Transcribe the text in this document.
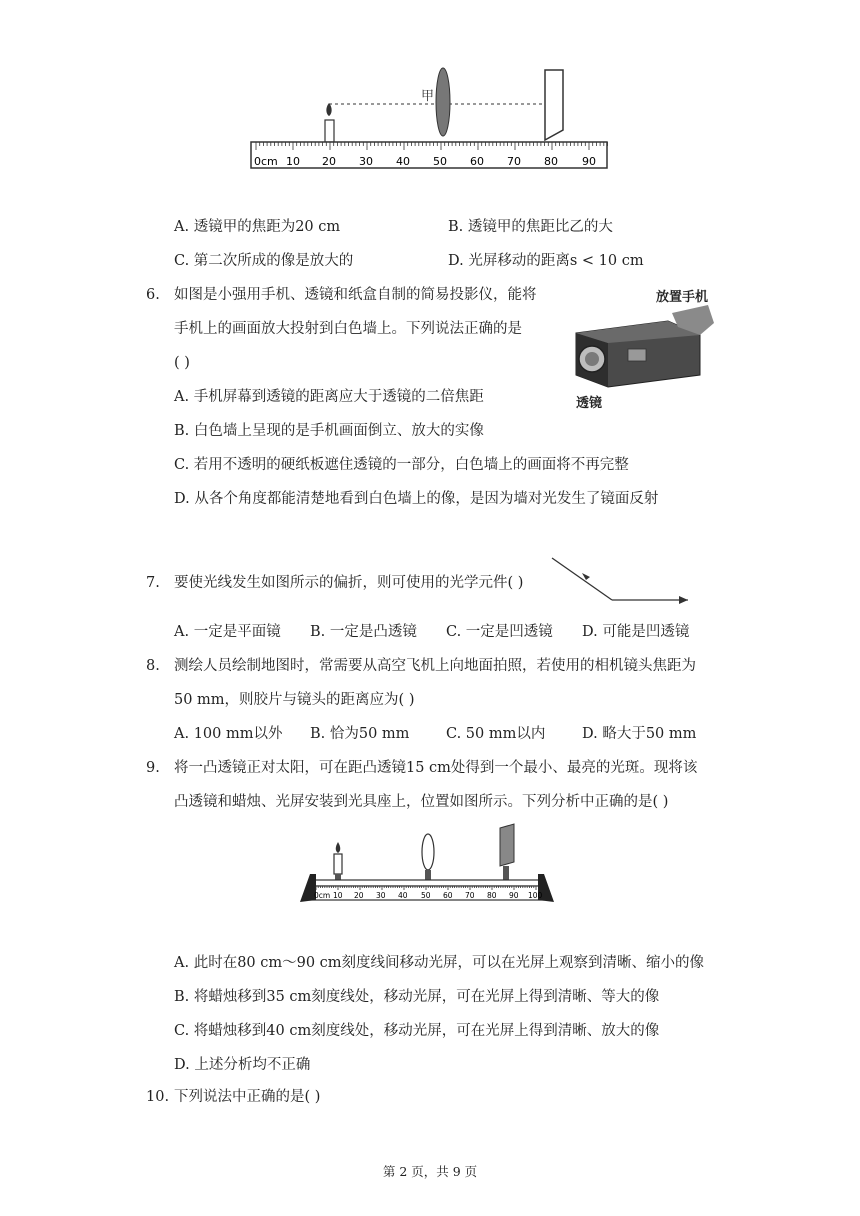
甲
0cm 10 20 30 40 50 60 70 80 90
A. 透镜甲的焦距为20 cm	B. 透镜甲的焦距比乙的大
C. 第二次所成的像是放大的	D. 光屏移动的距离s < 10 cm
6. 如图是小强用手机、透镜和纸盒自制的简易投影仪，能将
手机上的画面放大投射到白色墙上。下列说法正确的是
( )
放置手机
透镜
A. 手机屏幕到透镜的距离应大于透镜的二倍焦距
B. 白色墙上呈现的是手机画面倒立、放大的实像
C. 若用不透明的硬纸板遮住透镜的一部分，白色墙上的画面将不再完整
D. 从各个角度都能清楚地看到白色墙上的像，是因为墙对光发生了镜面反射
7. 要使光线发生如图所示的偏折，则可使用的光学元件( )
A. 一定是平面镜 B. 一定是凸透镜 C. 一定是凹透镜 D. 可能是凹透镜
8. 测绘人员绘制地图时，常需要从高空飞机上向地面拍照，若使用的相机镜头焦距为
50 mm，则胶片与镜头的距离应为( )
A. 100 mm以外 B. 恰为50 mm	C. 50 mm以内	D. 略大于50 mm
9. 将一凸透镜正对太阳，可在距凸透镜15 cm处得到一个最小、最亮的光斑。现将该
凸透镜和蜡烛、光屏安装到光具座上，位置如图所示。下列分析中正确的是( )
0cm 10 20 30 40 50 60 70 80 90 100
A. 此时在80 cm～90 cm刻度线间移动光屏，可以在光屏上观察到清晰、缩小的像
B. 将蜡烛移到35 cm刻度线处，移动光屏，可在光屏上得到清晰、等大的像
C. 将蜡烛移到40 cm刻度线处，移动光屏，可在光屏上得到清晰、放大的像
D. 上述分析均不正确
10. 下列说法中正确的是( )
第 2 页，共 9 页
